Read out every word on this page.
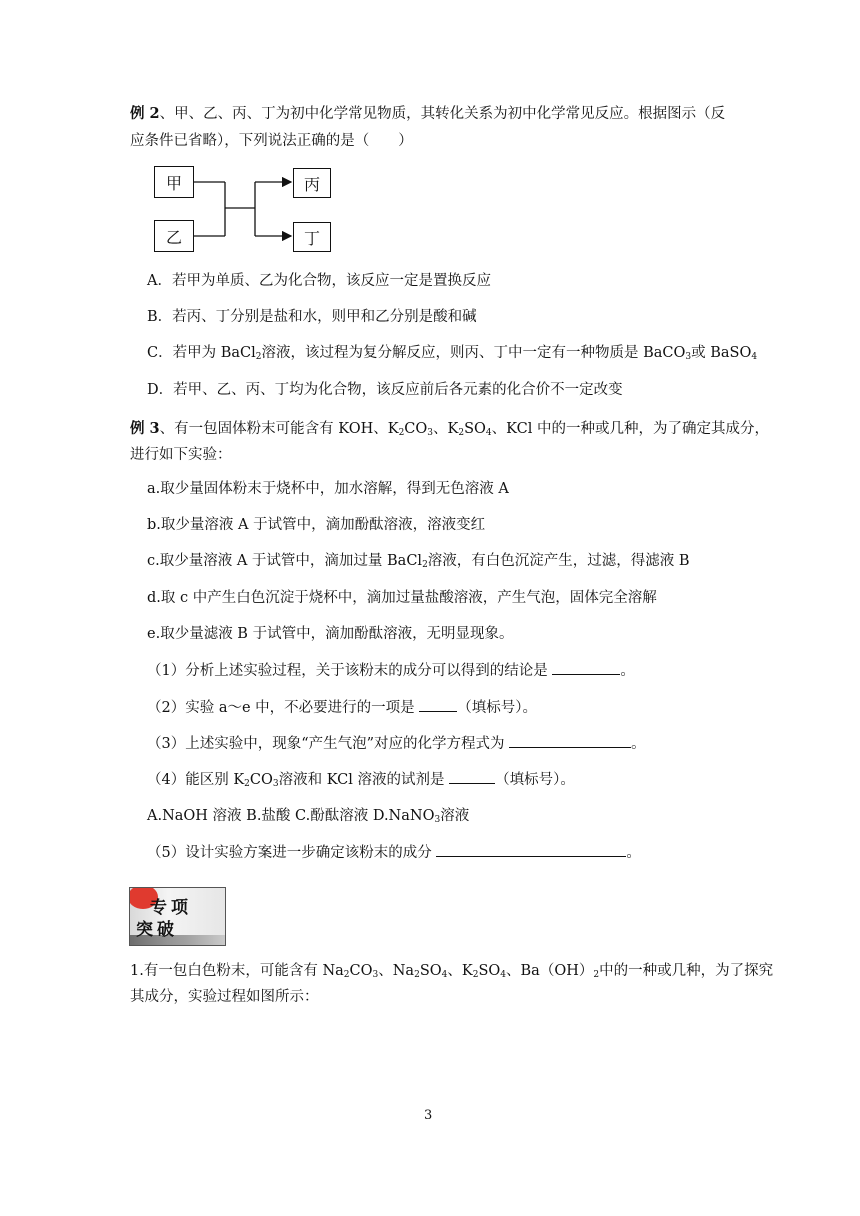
例 2、甲、乙、丙、丁为初中化学常见物质，其转化关系为初中化学常见反应。根据图示（反
应条件已省略），下列说法正确的是（　　）
甲
乙
丙
丁
A．若甲为单质、乙为化合物，该反应一定是置换反应
B．若丙、丁分别是盐和水，则甲和乙分别是酸和碱
C．若甲为 BaCl$_2$溶液，该过程为复分解反应，则丙、丁中一定有一种物质是 BaCO$_3$或 BaSO$_4$
D．若甲、乙、丙、丁均为化合物，该反应前后各元素的化合价不一定改变
例 3、有一包固体粉末可能含有 KOH、$K_2CO_3$、$K_2SO_4$、KCl 中的一种或几种，为了确定其成分，
进行如下实验：
a.取少量固体粉末于烧杯中，加水溶解，得到无色溶液 A
b.取少量溶液 A 于试管中，滴加酚酞溶液，溶液变红
c.取少量溶液 A 于试管中，滴加过量 BaCl$_2$溶液，有白色沉淀产生，过滤，得滤液 B
d.取 c 中产生白色沉淀于烧杯中，滴加过量盐酸溶液，产生气泡，固体完全溶解
e.取少量滤液 B 于试管中，滴加酚酞溶液，无明显现象。
（1）分析上述实验过程，关于该粉末的成分可以得到的结论是	。
（2）实验 a～e 中，不必要进行的一项是	（填标号）。
（3）上述实验中，现象“产生气泡”对应的化学方程式为	。
（4）能区别 $K_2CO_3$溶液和 KCl 溶液的试剂是	（填标号）。
A.NaOH 溶液 B.盐酸 C.酚酞溶液 D.NaNO$_3$溶液
（5）设计实验方案进一步确定该粉末的成分	。
专项
突破
1.有一包白色粉末，可能含有 $Na_2CO_3$、$Na_2SO_4$、$K_2SO_4$、$Ba(OH)_2$中的一种或几种，为了探究
其成分，实验过程如图所示：
3
